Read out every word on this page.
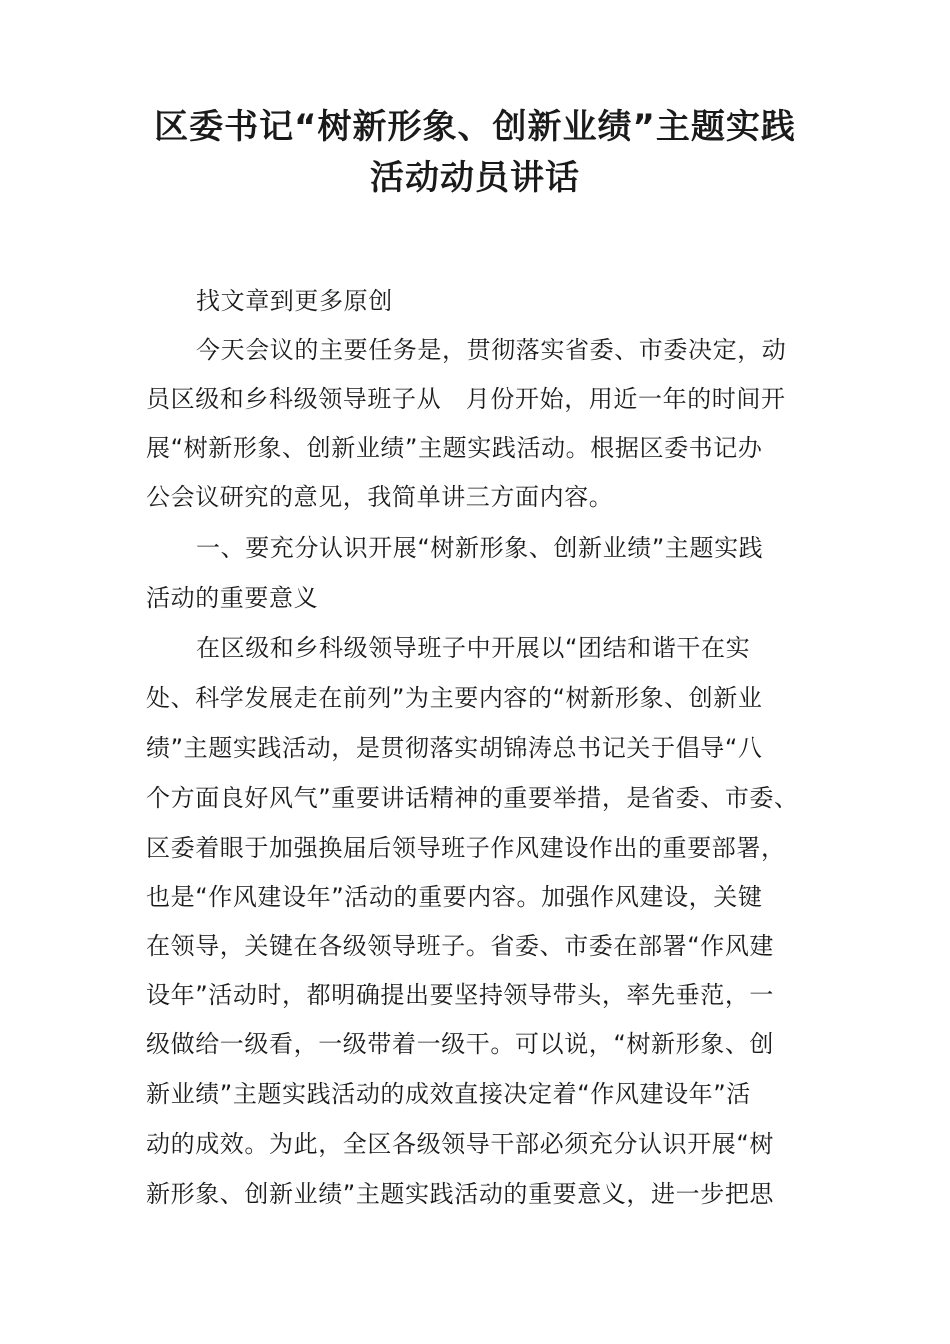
区委书记“树新形象、创新业绩”主题实践
活动动员讲话
找文章到更多原创
今天会议的主要任务是，贯彻落实省委、市委决定，动
员区级和乡科级领导班子从　月份开始，用近一年的时间开
展“树新形象、创新业绩”主题实践活动。根据区委书记办
公会议研究的意见，我简单讲三方面内容。
一、要充分认识开展“树新形象、创新业绩”主题实践
活动的重要意义
在区级和乡科级领导班子中开展以“团结和谐干在实
处、科学发展走在前列”为主要内容的“树新形象、创新业
绩”主题实践活动，是贯彻落实胡锦涛总书记关于倡导“八
个方面良好风气”重要讲话精神的重要举措，是省委、市委、
区委着眼于加强换届后领导班子作风建设作出的重要部署，
也是“作风建设年”活动的重要内容。加强作风建设，关键
在领导，关键在各级领导班子。省委、市委在部署“作风建
设年”活动时，都明确提出要坚持领导带头，率先垂范，一
级做给一级看，一级带着一级干。可以说，“树新形象、创
新业绩”主题实践活动的成效直接决定着“作风建设年”活
动的成效。为此，全区各级领导干部必须充分认识开展“树
新形象、创新业绩”主题实践活动的重要意义，进一步把思
